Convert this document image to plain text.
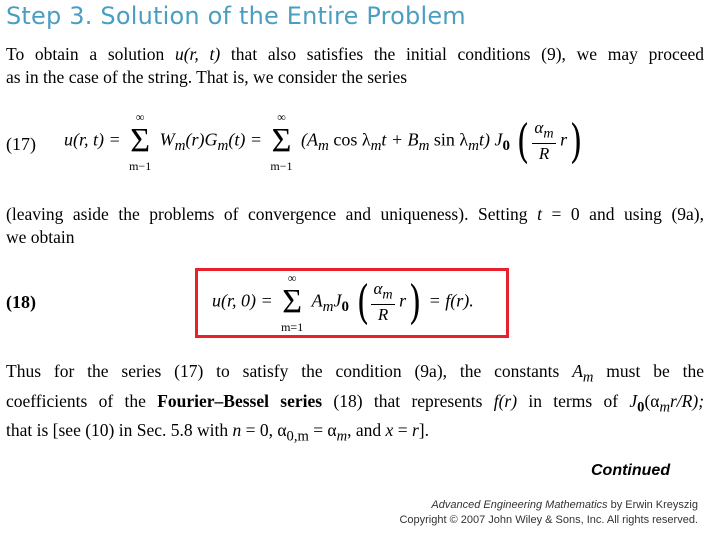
Step 3. Solution of the Entire Problem
To obtain a solution u(r, t) that also satisfies the initial conditions (9), we may proceed
as in the case of the string. That is, we consider the series
(17) u(r, t) =
∞
Σ
m−1
$W_m(r)G_m(t)$ =
∞
Σ
m−1
($A_m$ $\cos \lambda_mt + B_m$ $\sin \lambda_mt$) $J_0$ ( $\frac{\alpha_m}{R} r$)
(leaving aside the problems of convergence and uniqueness). Setting t = 0 and using (9a),
we obtain
(18)	u(r, 0) =
∞
Σ
m=1
$A_mJ_0$ ( $\frac{\alpha_m}{R} r) = f(r)$.
Thus for the series (17) to satisfy the condition (9a), the constants $A_m$ must be the
coefficients of the Fourier–Bessel series (18) that represents f(r) in terms of $J_0(\alpha_mr/R)$;
that is [see (10) in Sec. 5.8 with n = 0, $\alpha_{0,m} = \alpha_m$, and x = r].
Continued
Advanced Engineering Mathematics by Erwin Kreyszig
Copyright © 2007 John Wiley & Sons, Inc. All rights reserved.
